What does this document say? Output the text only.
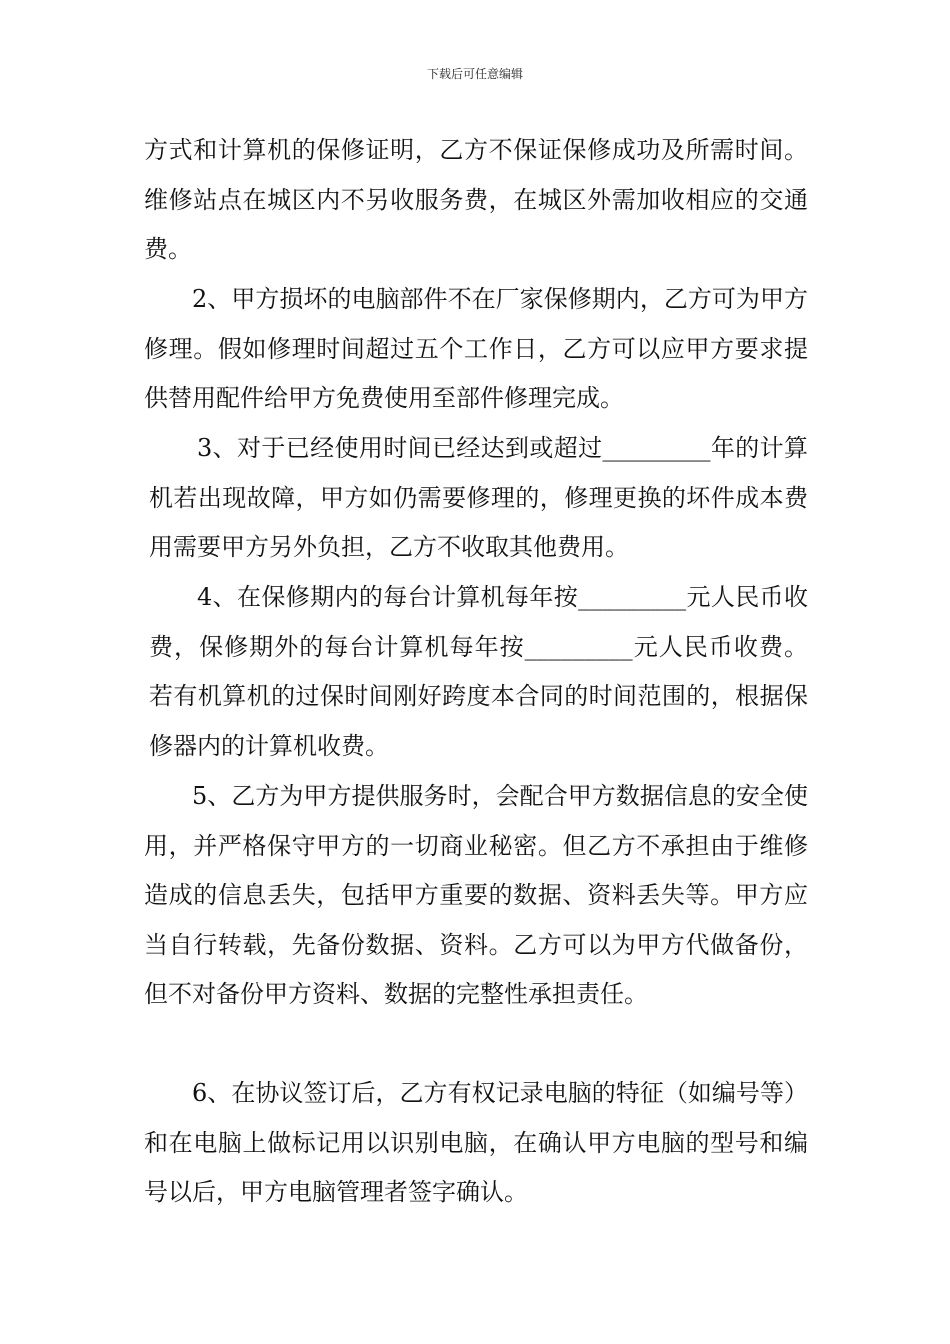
下载后可任意编辑

方式和计算机的保修证明，乙方不保证保修成功及所需时间。维修站点在城区内不另收服务费，在城区外需加收相应的交通费。

2、甲方损坏的电脑部件不在厂家保修期内，乙方可为甲方修理。假如修理时间超过五个工作日，乙方可以应甲方要求提供替用配件给甲方免费使用至部件修理完成。

3、对于已经使用时间已经达到或超过_________年的计算机若出现故障，甲方如仍需要修理的，修理更换的坏件成本费用需要甲方另外负担，乙方不收取其他费用。

4、在保修期内的每台计算机每年按_________元人民币收费，保修期外的每台计算机每年按_________元人民币收费。若有机算机的过保时间刚好跨度本合同的时间范围的，根据保修器内的计算机收费。

5、乙方为甲方提供服务时，会配合甲方数据信息的安全使用，并严格保守甲方的一切商业秘密。但乙方不承担由于维修造成的信息丢失，包括甲方重要的数据、资料丢失等。甲方应当自行转载，先备份数据、资料。乙方可以为甲方代做备份，但不对备份甲方资料、数据的完整性承担责任。

6、在协议签订后，乙方有权记录电脑的特征（如编号等）和在电脑上做标记用以识别电脑，在确认甲方电脑的型号和编号以后，甲方电脑管理者签字确认。
